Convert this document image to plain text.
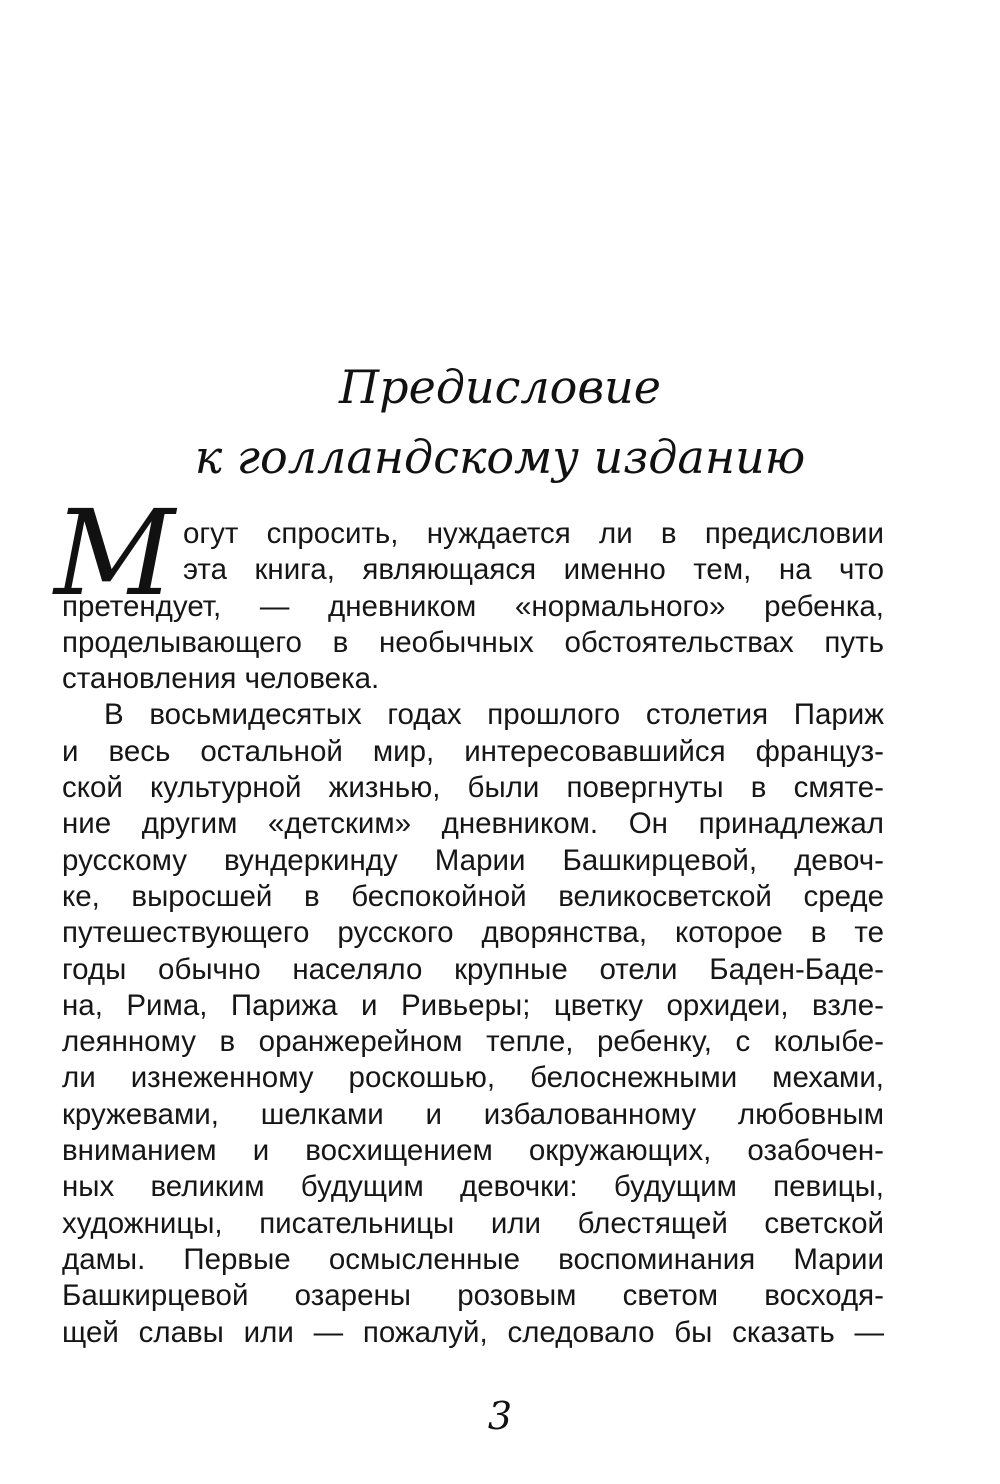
Предисловие
к голландскому изданию
М огут спросить, нуждается ли в предисловии
эта книга, являющаяся именно тем, на что
претендует, — дневником «нормального» ребенка,
проделывающего в необычных обстоятельствах путь
становления человека.
В восьмидесятых годах прошлого столетия Париж
и весь остальной мир, интересовавшийся француз-
ской культурной жизнью, были повергнуты в смяте-
ние другим «детским» дневником. Он принадлежал
русскому вундеркинду Марии Башкирцевой, девоч-
ке, выросшей в беспокойной великосветской среде
путешествующего русского дворянства, которое в те
годы обычно населяло крупные отели Баден-Баде-
на, Рима, Парижа и Ривьеры; цветку орхидеи, взле-
леянному в оранжерейном тепле, ребенку, с колыбе-
ли изнеженному роскошью, белоснежными мехами,
кружевами, шелками и избалованному любовным
вниманием и восхищением окружающих, озабочен-
ных великим будущим девочки: будущим певицы,
художницы, писательницы или блестящей светской
дамы. Первые осмысленные воспоминания Марии
Башкирцевой озарены розовым светом восходя-
щей славы или — пожалуй, следовало бы сказать —
3
